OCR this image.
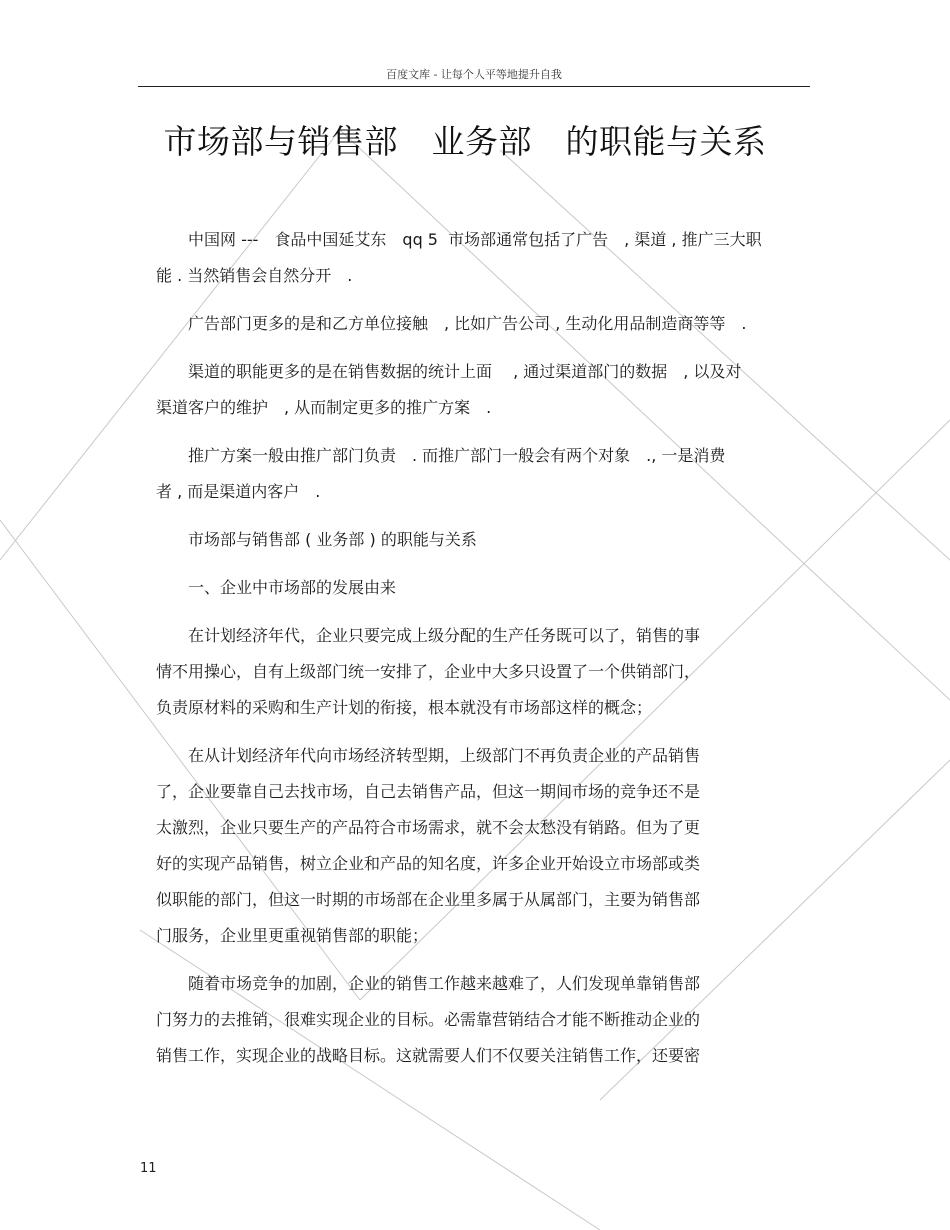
百度文库 - 让每个人平等地提升自我
市场部与销售部　业务部　的职能与关系
　　中国网 ---　食品中国延艾东　qq 5  市场部通常包括了广告　, 渠道 , 推广三大职
能 . 当然销售会自然分开　.
　　广告部门更多的是和乙方单位接触　, 比如广告公司 , 生动化用品制造商等等　.
　　渠道的职能更多的是在销售数据的统计上面　 , 通过渠道部门的数据　, 以及对
渠道客户的维护　, 从而制定更多的推广方案　.
　　推广方案一般由推广部门负责　. 而推广部门一般会有两个对象　., 一是消费
者 , 而是渠道内客户　.
　　市场部与销售部 ( 业务部 ) 的职能与关系
　　一、企业中市场部的发展由来
　　在计划经济年代，企业只要完成上级分配的生产任务既可以了，销售的事
情不用操心，自有上级部门统一安排了，企业中大多只设置了一个供销部门，
负责原材料的采购和生产计划的衔接，根本就没有市场部这样的概念；
　　在从计划经济年代向市场经济转型期，上级部门不再负责企业的产品销售
了，企业要靠自己去找市场，自己去销售产品，但这一期间市场的竞争还不是
太激烈，企业只要生产的产品符合市场需求，就不会太愁没有销路。但为了更
好的实现产品销售，树立企业和产品的知名度，许多企业开始设立市场部或类
似职能的部门，但这一时期的市场部在企业里多属于从属部门，主要为销售部
门服务，企业里更重视销售部的职能；
　　随着市场竞争的加剧，企业的销售工作越来越难了，人们发现单靠销售部
门努力的去推销，很难实现企业的目标。必需靠营销结合才能不断推动企业的
销售工作，实现企业的战略目标。这就需要人们不仅要关注销售工作，还要密
11
